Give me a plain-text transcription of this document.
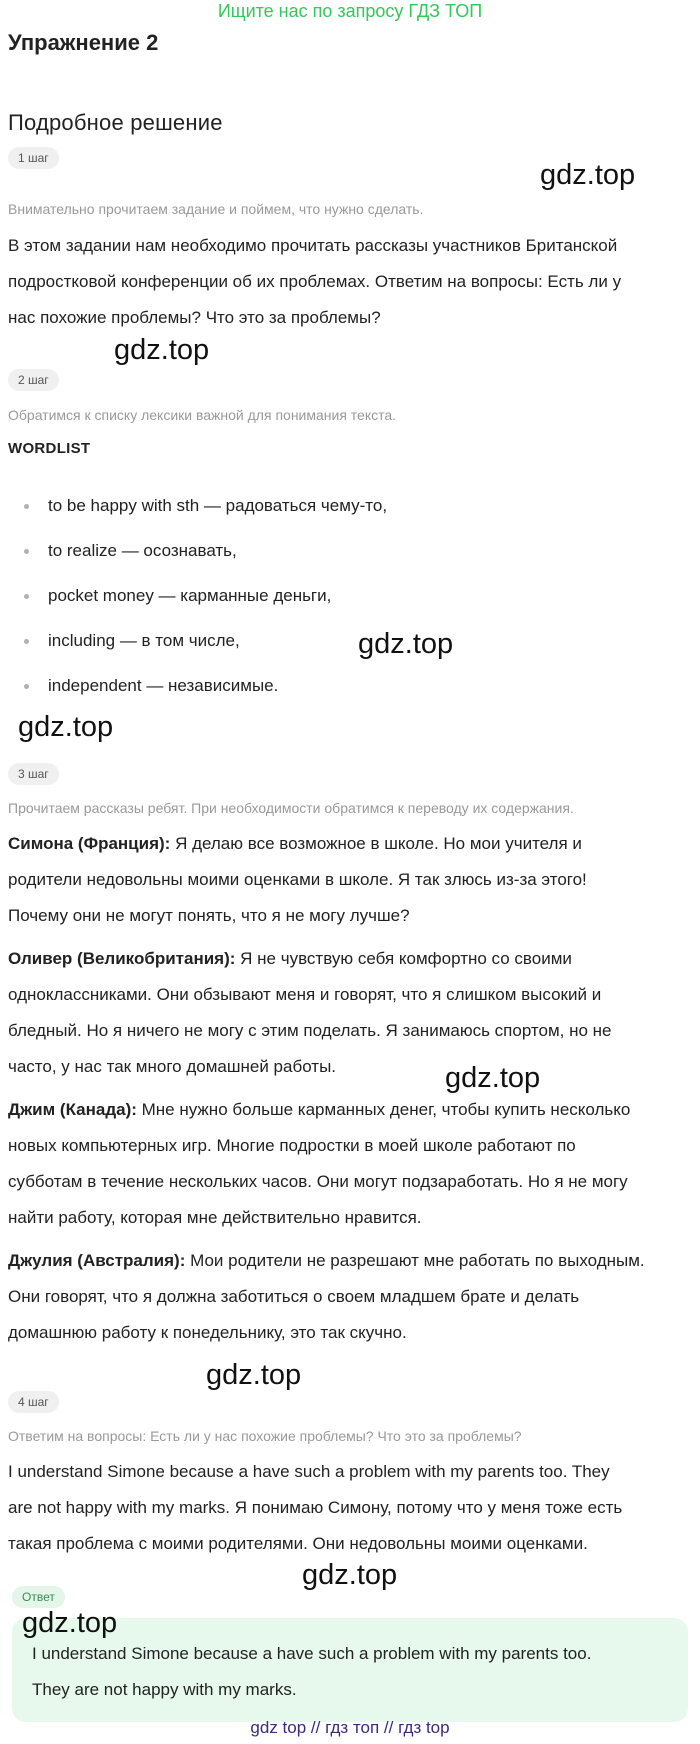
Ищите нас по запросу ГДЗ ТОП
Упражнение 2
Подробное решение
1 шаг
gdz.top
Внимательно прочитаем задание и поймем, что нужно сделать.
В этом задании нам необходимо прочитать рассказы участников Британской
подростковой конференции об их проблемах. Ответим на вопросы: Есть ли у
нас похожие проблемы? Что это за проблемы?
gdz.top
2 шаг
Обратимся к списку лексики важной для понимания текста.
WORDLIST
to be happy with sth — радоваться чему-то,
to realize — осознавать,
pocket money — карманные деньги,
including — в том числе,
independent — независимые.
gdz.top
gdz.top
3 шаг
Прочитаем рассказы ребят. При необходимости обратимся к переводу их содержания.
Симона (Франция): Я делаю все возможное в школе. Но мои учителя и
родители недовольны моими оценками в школе. Я так злюсь из-за этого!
Почему они не могут понять, что я не могу лучше?
Оливер (Великобритания): Я не чувствую себя комфортно со своими
одноклассниками. Они обзывают меня и говорят, что я слишком высокий и
бледный. Но я ничего не могу с этим поделать. Я занимаюсь спортом, но не
часто, у нас так много домашней работы.	gdz.top
Джим (Канада): Мне нужно больше карманных денег, чтобы купить несколько
новых компьютерных игр. Многие подростки в моей школе работают по
субботам в течение нескольких часов. Они могут подзаработать. Но я не могу
найти работу, которая мне действительно нравится.
Джулия (Австралия): Мои родители не разрешают мне работать по выходным.
Они говорят, что я должна заботиться о своем младшем брате и делать
домашнюю работу к понедельнику, это так скучно.
gdz.top
4 шаг
Ответим на вопросы: Есть ли у нас похожие проблемы? Что это за проблемы?
I understand Simone because a have such a problem with my parents too. They
are not happy with my marks. Я понимаю Симону, потому что у меня тоже есть
такая проблема с моими родителями. Они недовольны моими оценками.
gdz.top
Ответ
gdz.top
I understand Simone because a have such a problem with my parents too.
They are not happy with my marks.
gdz top // гдз топ // гдз top
